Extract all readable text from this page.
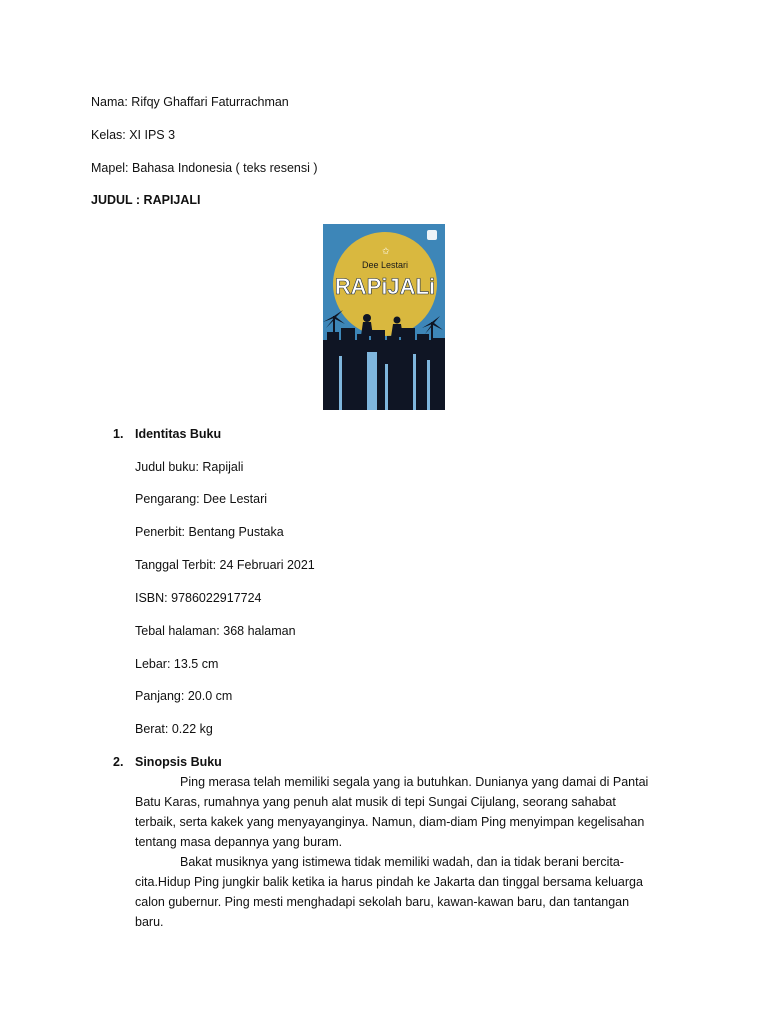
Nama: Rifqy Ghaffari Faturrachman

Kelas: XI IPS 3

Mapel: Bahasa Indonesia ( teks resensi )

JUDUL : RAPIJALI

✩
Dee Lestari
RAPiJALi

1. Identitas Buku

Judul buku: Rapijali

Pengarang: Dee Lestari

Penerbit: Bentang Pustaka

Tanggal Terbit: 24 Februari 2021

ISBN: 9786022917724

Tebal halaman: 368 halaman

Lebar: 13.5 cm

Panjang: 20.0 cm

Berat: 0.22 kg

2. Sinopsis Buku

Ping merasa telah memiliki segala yang ia butuhkan. Dunianya yang damai di Pantai Batu Karas, rumahnya yang penuh alat musik di tepi Sungai Cijulang, seorang sahabat terbaik, serta kakek yang menyayanginya. Namun, diam-diam Ping menyimpan kegelisahan tentang masa depannya yang buram.

Bakat musiknya yang istimewa tidak memiliki wadah, dan ia tidak berani bercita-cita.Hidup Ping jungkir balik ketika ia harus pindah ke Jakarta dan tinggal bersama keluarga calon gubernur. Ping mesti menghadapi sekolah baru, kawan-kawan baru, dan tantangan baru.
